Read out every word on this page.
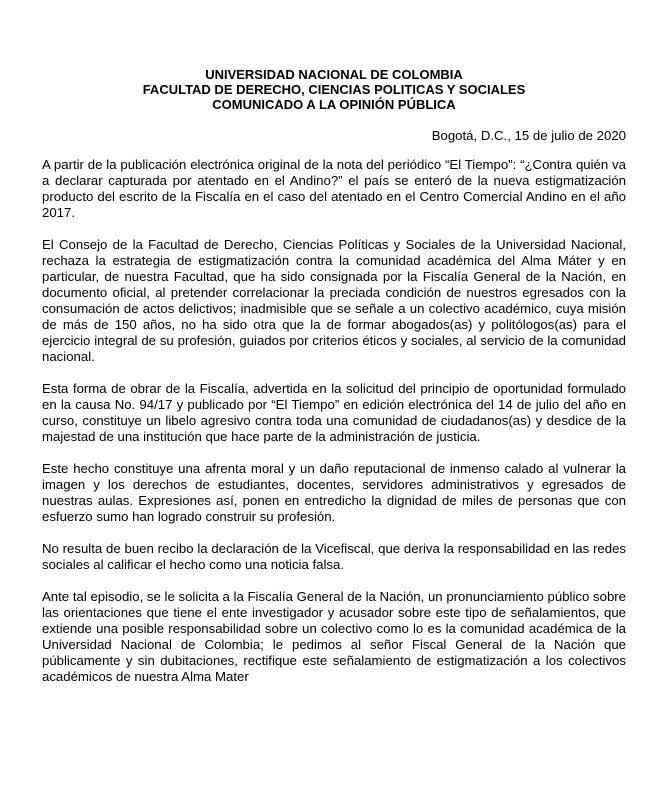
UNIVERSIDAD NACIONAL DE COLOMBIA
FACULTAD DE DERECHO, CIENCIAS POLITICAS Y SOCIALES
COMUNICADO A LA OPINIÓN PÚBLICA
Bogotá, D.C., 15 de julio de 2020

A partir de la publicación electrónica original de la nota del periódico “El Tiempo”: “¿Contra quién va a declarar capturada por atentado en el Andino?” el país se enteró de la nueva estigmatización producto del escrito de la Fiscalía en el caso del atentado en el Centro Comercial Andino en el año 2017.

El Consejo de la Facultad de Derecho, Ciencias Políticas y Sociales de la Universidad Nacional, rechaza la estrategia de estigmatización contra la comunidad académica del Alma Máter y en particular, de nuestra Facultad, que ha sido consignada por la Fiscalía General de la Nación, en documento oficial, al pretender correlacionar la preciada condición de nuestros egresados con la consumación de actos delictivos; inadmisible que se señale a un colectivo académico, cuya misión de más de 150 años, no ha sido otra que la de formar abogados(as) y politólogos(as) para el ejercicio integral de su profesión, guiados por criterios éticos y sociales, al servicio de la comunidad nacional.

Esta forma de obrar de la Fiscalía, advertida en la solicitud del principio de oportunidad formulado en la causa No. 94/17 y publicado por “El Tiempo” en edición electrónica del 14 de julio del año en curso, constituye un libelo agresivo contra toda una comunidad de ciudadanos(as) y desdice de la majestad de una institución que hace parte de la administración de justicia.

Este hecho constituye una afrenta moral y un daño reputacional de inmenso calado al vulnerar la imagen y los derechos de estudiantes, docentes, servidores administrativos y egresados de nuestras aulas. Expresiones así, ponen en entredicho la dignidad de miles de personas que con esfuerzo sumo han logrado construir su profesión.

No resulta de buen recibo la declaración de la Vicefiscal, que deriva la responsabilidad en las redes sociales al calificar el hecho como una noticia falsa.

Ante tal episodio, se le solicita a la Fiscalía General de la Nación, un pronunciamiento público sobre las orientaciones que tiene el ente investigador y acusador sobre este tipo de señalamientos, que extiende una posible responsabilidad sobre un colectivo como lo es la comunidad académica de la Universidad Nacional de Colombia; le pedimos al señor Fiscal General de la Nación que públicamente y sin dubitaciones, rectifique este señalamiento de estigmatización a los colectivos académicos de nuestra Alma Mater
